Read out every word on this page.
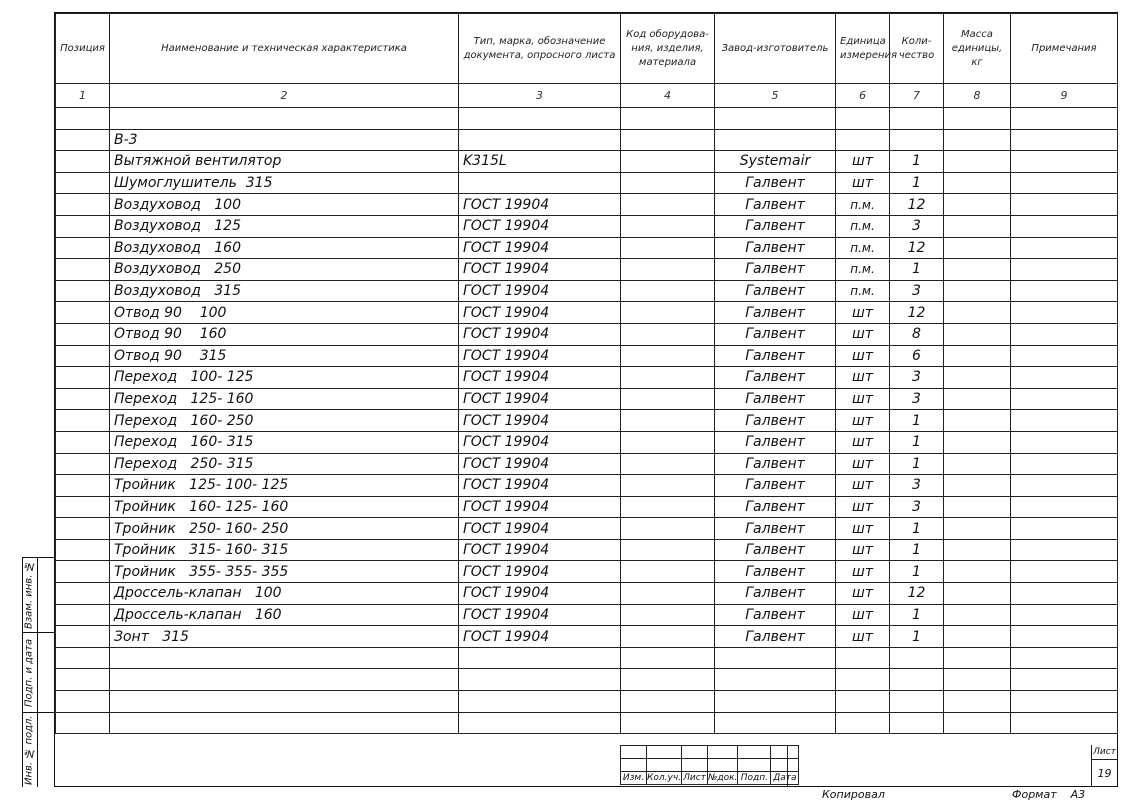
Взам. инв. №
Подп. и дата
Инв. № подл.
Позиция	Наименование и техническая характеристика	Тип, марка, обозначение документа, опросного листа	Код оборудова- ния, изделия, материала	Завод-изготовитель	Единица измерения	Коли- чество	Масса единицы, кг	Примечания
1	2	3	4	5	6	7	8	9

	В-3							
	Вытяжной вентилятор	K315L		Systemair	шт	1		
	Шумоглушитель  315			Галвент	шт	1		
	Воздуховод   100	ГОСТ 19904		Галвент	п.м.	12		
	Воздуховод   125	ГОСТ 19904		Галвент	п.м.	3		
	Воздуховод   160	ГОСТ 19904		Галвент	п.м.	12		
	Воздуховод   250	ГОСТ 19904		Галвент	п.м.	1		
	Воздуховод   315	ГОСТ 19904		Галвент	п.м.	3		
	Отвод 90    100	ГОСТ 19904		Галвент	шт	12		
	Отвод 90    160	ГОСТ 19904		Галвент	шт	8		
	Отвод 90    315	ГОСТ 19904		Галвент	шт	6		
	Переход   100- 125	ГОСТ 19904		Галвент	шт	3		
	Переход   125- 160	ГОСТ 19904		Галвент	шт	3		
	Переход   160- 250	ГОСТ 19904		Галвент	шт	1		
	Переход   160- 315	ГОСТ 19904		Галвент	шт	1		
	Переход   250- 315	ГОСТ 19904		Галвент	шт	1		
	Тройник   125- 100- 125	ГОСТ 19904		Галвент	шт	3		
	Тройник   160- 125- 160	ГОСТ 19904		Галвент	шт	3		
	Тройник   250- 160- 250	ГОСТ 19904		Галвент	шт	1		
	Тройник   315- 160- 315	ГОСТ 19904		Галвент	шт	1		
	Тройник   355- 355- 355	ГОСТ 19904		Галвент	шт	1		
	Дроссель-клапан   100	ГОСТ 19904		Галвент	шт	12		
	Дроссель-клапан   160	ГОСТ 19904		Галвент	шт	1		
	Зонт   315	ГОСТ 19904		Галвент	шт	1		

Изм.	Кол.уч.	Лист	№док.	Подп.	Дата
Лист
19
Копировал	Формат    А3
